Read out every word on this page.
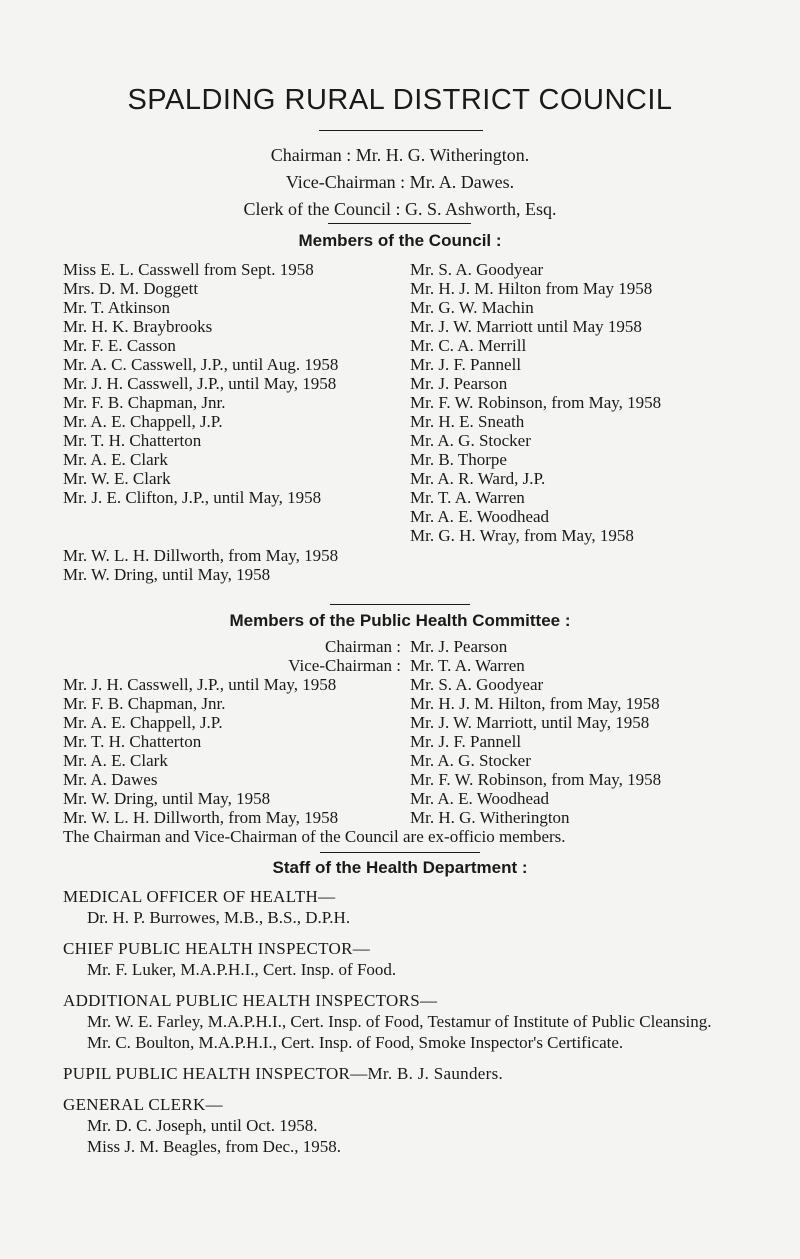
SPALDING RURAL DISTRICT COUNCIL
Chairman : Mr. H. G. Witherington.
Vice-Chairman : Mr. A. Dawes.
Clerk of the Council : G. S. Ashworth, Esq.
Members of the Council :
Miss E. L. Casswell from Sept. 1958
Mrs. D. M. Doggett
Mr. T. Atkinson
Mr. H. K. Braybrooks
Mr. F. E. Casson
Mr. A. C. Casswell, J.P., until Aug. 1958
Mr. J. H. Casswell, J.P., until May, 1958
Mr. F. B. Chapman, Jnr.
Mr. A. E. Chappell, J.P.
Mr. T. H. Chatterton
Mr. A. E. Clark
Mr. W. E. Clark
Mr. J. E. Clifton, J.P., until May, 1958
Mr. S. A. Goodyear
Mr. H. J. M. Hilton from May 1958
Mr. G. W. Machin
Mr. J. W. Marriott until May 1958
Mr. C. A. Merrill
Mr. J. F. Pannell
Mr. J. Pearson
Mr. F. W. Robinson, from May, 1958
Mr. H. E. Sneath
Mr. A. G. Stocker
Mr. B. Thorpe
Mr. A. R. Ward, J.P.
Mr. T. A. Warren
Mr. A. E. Woodhead
Mr. G. H. Wray, from May, 1958
Mr. W. L. H. Dillworth, from May, 1958
Mr. W. Dring, until May, 1958
Members of the Public Health Committee :
Chairman : Mr. J. Pearson
Vice-Chairman : Mr. T. A. Warren
Mr. J. H. Casswell, J.P., until May, 1958
Mr. F. B. Chapman, Jnr.
Mr. A. E. Chappell, J.P.
Mr. T. H. Chatterton
Mr. A. E. Clark
Mr. A. Dawes
Mr. W. Dring, until May, 1958
Mr. S. A. Goodyear
Mr. H. J. M. Hilton, from May, 1958
Mr. J. W. Marriott, until May, 1958
Mr. J. F. Pannell
Mr. A. G. Stocker
Mr. F. W. Robinson, from May, 1958
Mr. A. E. Woodhead
Mr. H. G. Witherington
Mr. W. L. H. Dillworth, from May, 1958
The Chairman and Vice-Chairman of the Council are ex-officio members.
Staff of the Health Department :
MEDICAL OFFICER OF HEALTH—
Dr. H. P. Burrowes, M.B., B.S., D.P.H.
CHIEF PUBLIC HEALTH INSPECTOR—
Mr. F. Luker, M.A.P.H.I., Cert. Insp. of Food.
ADDITIONAL PUBLIC HEALTH INSPECTORS—
Mr. W. E. Farley, M.A.P.H.I., Cert. Insp. of Food, Testamur of Institute of Public Cleansing.
Mr. C. Boulton, M.A.P.H.I., Cert. Insp. of Food, Smoke Inspector's Certificate.
PUPIL PUBLIC HEALTH INSPECTOR—Mr. B. J. Saunders.
GENERAL CLERK—
Mr. D. C. Joseph, until Oct. 1958.
Miss J. M. Beagles, from Dec., 1958.
